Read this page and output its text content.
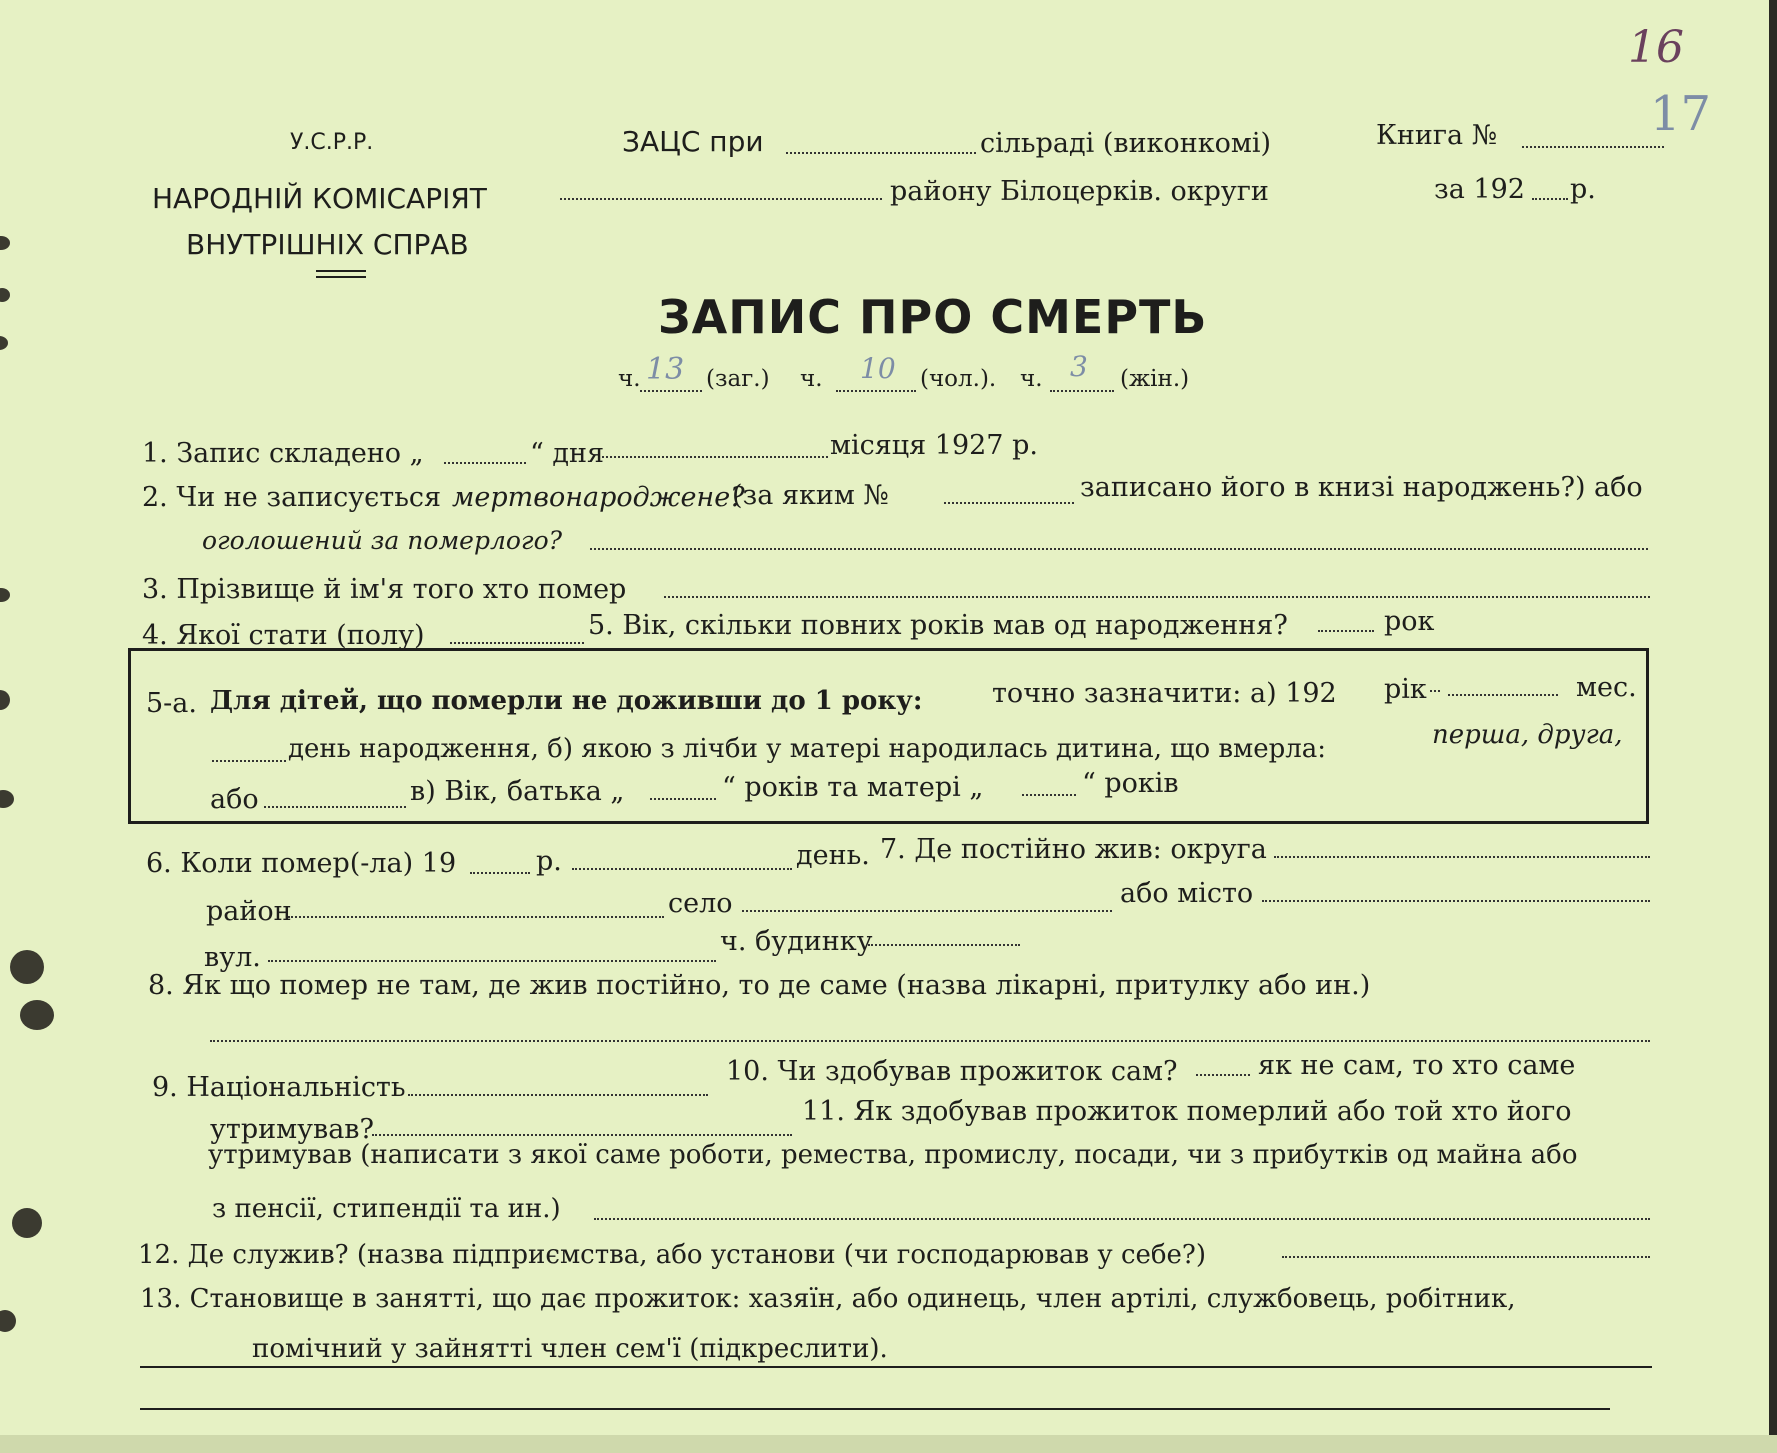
16
У.С.Р.Р.
НАРОДНІЙ КОМІСАРІЯТ
ВНУТРІШНІХ СПРАВ
ЗАЦС при	сільраді (виконкомі)
району Білоцерків. округи
Книга №	17
за 192 р.
ЗАПИС ПРО СМЕРТЬ
ч. 13 (заг.) ч. 10 (чол.). ч. 3 (жін.)
1. Запис складено „	“ дня	місяця 1927 р.
2. Чи не записується мертвонароджене?
(за яким №	записано його в книзі народжень?) або
оголошений за померлого?
3. Прізвище й ім'я того хто помер
4. Якої стати (полу)	5. Вік, скільки повних років мав од народження?	рок
5-а. Для дітей, що померли не доживши до 1 року:	точно зазначити: а) 192 рік	мес.
день народження, б) якою з лічби у матері народилась дитина, що вмерла:	перша, друга,
або	в) Вік, батька „	“ років та матері „	“ років
6. Коли помер(-ла) 19	р.	день. 7. Де постійно жив: округа
район	село	або місто
вул.
ч. будинку
8. Як що помер не там, де жив постійно, то де саме (назва лікарні, притулку або ин.)
9. Національність
10. Чи здобував прожиток сам?	як не сам, то хто саме
утримував?
11. Як здобував прожиток померлий або той хто його
утримував (написати з якої саме роботи, ремества, промислу, посади, чи з прибутків од майна або
з пенсії, стипендії та ин.)
12. Де служив? (назва підприємства, або установи (чи господарював у себе?)
13. Становище в занятті, що дає прожиток: хазяїн, або одинець, член артілі, службовець, робітник,
помічний у зайнятті член сем'ї (підкреслити).
